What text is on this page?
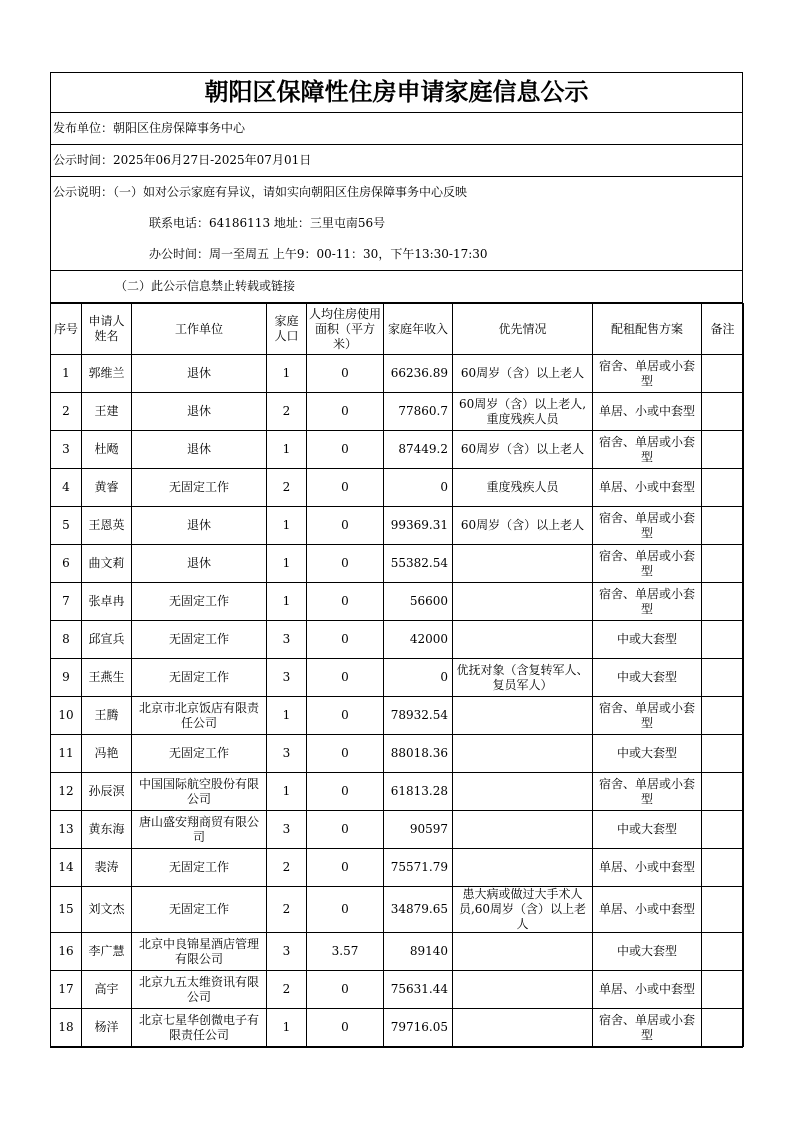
朝阳区保障性住房申请家庭信息公示
发布单位：朝阳区住房保障事务中心
公示时间：2025年06月27日-2025年07月01日
公示说明：（一）如对公示家庭有异议，请如实向朝阳区住房保障事务中心反映
联系电话：64186113 地址：三里屯南56号
办公时间：周一至周五 上午9：00-11：30，下午13:30-17:30
（二）此公示信息禁止转载或链接
序号	申请人姓名	工作单位	家庭人口	人均住房使用面积（平方米）	家庭年收入	优先情况	配租配售方案	备注
1	郭维兰	退休	1	0	66236.89	60周岁（含）以上老人	宿舍、单居或小套型	
2	王建	退休	2	0	77860.7	60周岁（含）以上老人,重度残疾人员	单居、小或中套型	
3	杜飏	退休	1	0	87449.2	60周岁（含）以上老人	宿舍、单居或小套型	
4	黄睿	无固定工作	2	0	0	重度残疾人员	单居、小或中套型	
5	王恩英	退休	1	0	99369.31	60周岁（含）以上老人	宿舍、单居或小套型	
6	曲文莉	退休	1	0	55382.54		宿舍、单居或小套型	
7	张卓冉	无固定工作	1	0	56600		宿舍、单居或小套型	
8	邱宣兵	无固定工作	3	0	42000		中或大套型	
9	王燕生	无固定工作	3	0	0	优抚对象（含复转军人、复员军人）	中或大套型	
10	王腾	北京市北京饭店有限责任公司	1	0	78932.54		宿舍、单居或小套型	
11	冯艳	无固定工作	3	0	88018.36		中或大套型	
12	孙辰溟	中国国际航空股份有限公司	1	0	61813.28		宿舍、单居或小套型	
13	黄东海	唐山盛安翔商贸有限公司	3	0	90597		中或大套型	
14	裴涛	无固定工作	2	0	75571.79		单居、小或中套型	
15	刘文杰	无固定工作	2	0	34879.65	患大病或做过大手术人员,60周岁（含）以上老人	单居、小或中套型	
16	李广慧	北京中良锦星酒店管理有限公司	3	3.57	89140		中或大套型	
17	高宇	北京九五太维资讯有限公司	2	0	75631.44		单居、小或中套型	
18	杨洋	北京七星华创微电子有限责任公司	1	0	79716.05		宿舍、单居或小套型	
